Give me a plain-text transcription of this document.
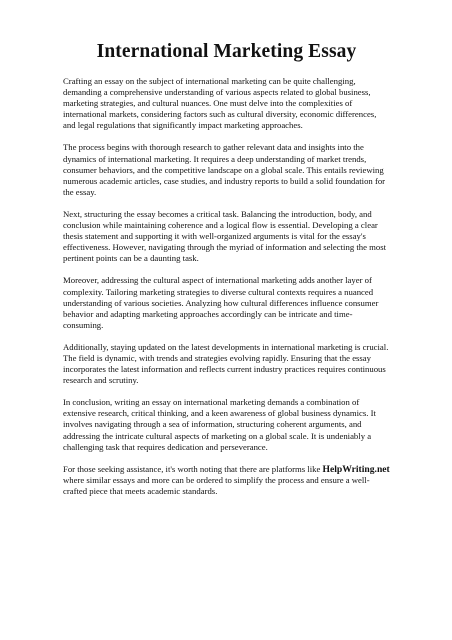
International Marketing Essay

Crafting an essay on the subject of international marketing can be quite challenging, demanding a comprehensive understanding of various aspects related to global business, marketing strategies, and cultural nuances. One must delve into the complexities of international markets, considering factors such as cultural diversity, economic differences, and legal regulations that significantly impact marketing approaches.

The process begins with thorough research to gather relevant data and insights into the dynamics of international marketing. It requires a deep understanding of market trends, consumer behaviors, and the competitive landscape on a global scale. This entails reviewing numerous academic articles, case studies, and industry reports to build a solid foundation for the essay.

Next, structuring the essay becomes a critical task. Balancing the introduction, body, and conclusion while maintaining coherence and a logical flow is essential. Developing a clear thesis statement and supporting it with well-organized arguments is vital for the essay's effectiveness. However, navigating through the myriad of information and selecting the most pertinent points can be a daunting task.

Moreover, addressing the cultural aspect of international marketing adds another layer of complexity. Tailoring marketing strategies to diverse cultural contexts requires a nuanced understanding of various societies. Analyzing how cultural differences influence consumer behavior and adapting marketing approaches accordingly can be intricate and time-consuming.

Additionally, staying updated on the latest developments in international marketing is crucial. The field is dynamic, with trends and strategies evolving rapidly. Ensuring that the essay incorporates the latest information and reflects current industry practices requires continuous research and scrutiny.

In conclusion, writing an essay on international marketing demands a combination of extensive research, critical thinking, and a keen awareness of global business dynamics. It involves navigating through a sea of information, structuring coherent arguments, and addressing the intricate cultural aspects of marketing on a global scale. It is undeniably a challenging task that requires dedication and perseverance.

For those seeking assistance, it's worth noting that there are platforms like HelpWriting.net where similar essays and more can be ordered to simplify the process and ensure a well-crafted piece that meets academic standards.
